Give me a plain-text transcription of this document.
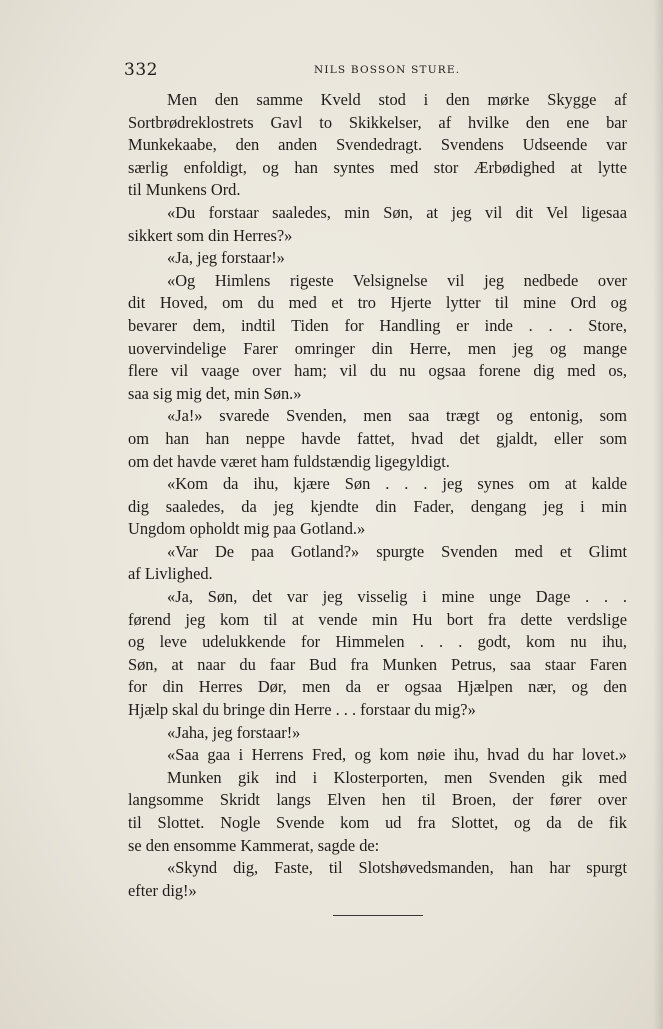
332	NILS BOSSON STURE.
Men den samme Kveld stod i den mørke Skygge af
Sortbrødreklostrets Gavl to Skikkelser, af hvilke den ene bar
Munkekaabe, den anden Svendedragt. Svendens Udseende var
særlig enfoldigt, og han syntes med stor Ærbødighed at lytte
til Munkens Ord.
«Du forstaar saaledes, min Søn, at jeg vil dit Vel ligesaa
sikkert som din Herres?»
«Ja, jeg forstaar!»
«Og Himlens rigeste Velsignelse vil jeg nedbede over
dit Hoved, om du med et tro Hjerte lytter til mine Ord og
bevarer dem, indtil Tiden for Handling er inde . . . Store,
uovervindelige Farer omringer din Herre, men jeg og mange
flere vil vaage over ham; vil du nu ogsaa forene dig med os,
saa sig mig det, min Søn.»
«Ja!» svarede Svenden, men saa trægt og entonig, som
om han han neppe havde fattet, hvad det gjaldt, eller som
om det havde været ham fuldstændig ligegyldigt.
«Kom da ihu, kjære Søn . . . jeg synes om at kalde
dig saaledes, da jeg kjendte din Fader, dengang jeg i min
Ungdom opholdt mig paa Gotland.»
«Var De paa Gotland?» spurgte Svenden med et Glimt
af Livlighed.
«Ja, Søn, det var jeg visselig i mine unge Dage . . .
førend jeg kom til at vende min Hu bort fra dette verdslige
og leve udelukkende for Himmelen . . . godt, kom nu ihu,
Søn, at naar du faar Bud fra Munken Petrus, saa staar Faren
for din Herres Dør, men da er ogsaa Hjælpen nær, og den
Hjælp skal du bringe din Herre . . . forstaar du mig?»
«Jaha, jeg forstaar!»
«Saa gaa i Herrens Fred, og kom nøie ihu, hvad du har lovet.»
Munken gik ind i Klosterporten, men Svenden gik med
langsomme Skridt langs Elven hen til Broen, der fører over
til Slottet. Nogle Svende kom ud fra Slottet, og da de fik
se den ensomme Kammerat, sagde de:
«Skynd dig, Faste, til Slotshøvedsmanden, han har spurgt
efter dig!»
